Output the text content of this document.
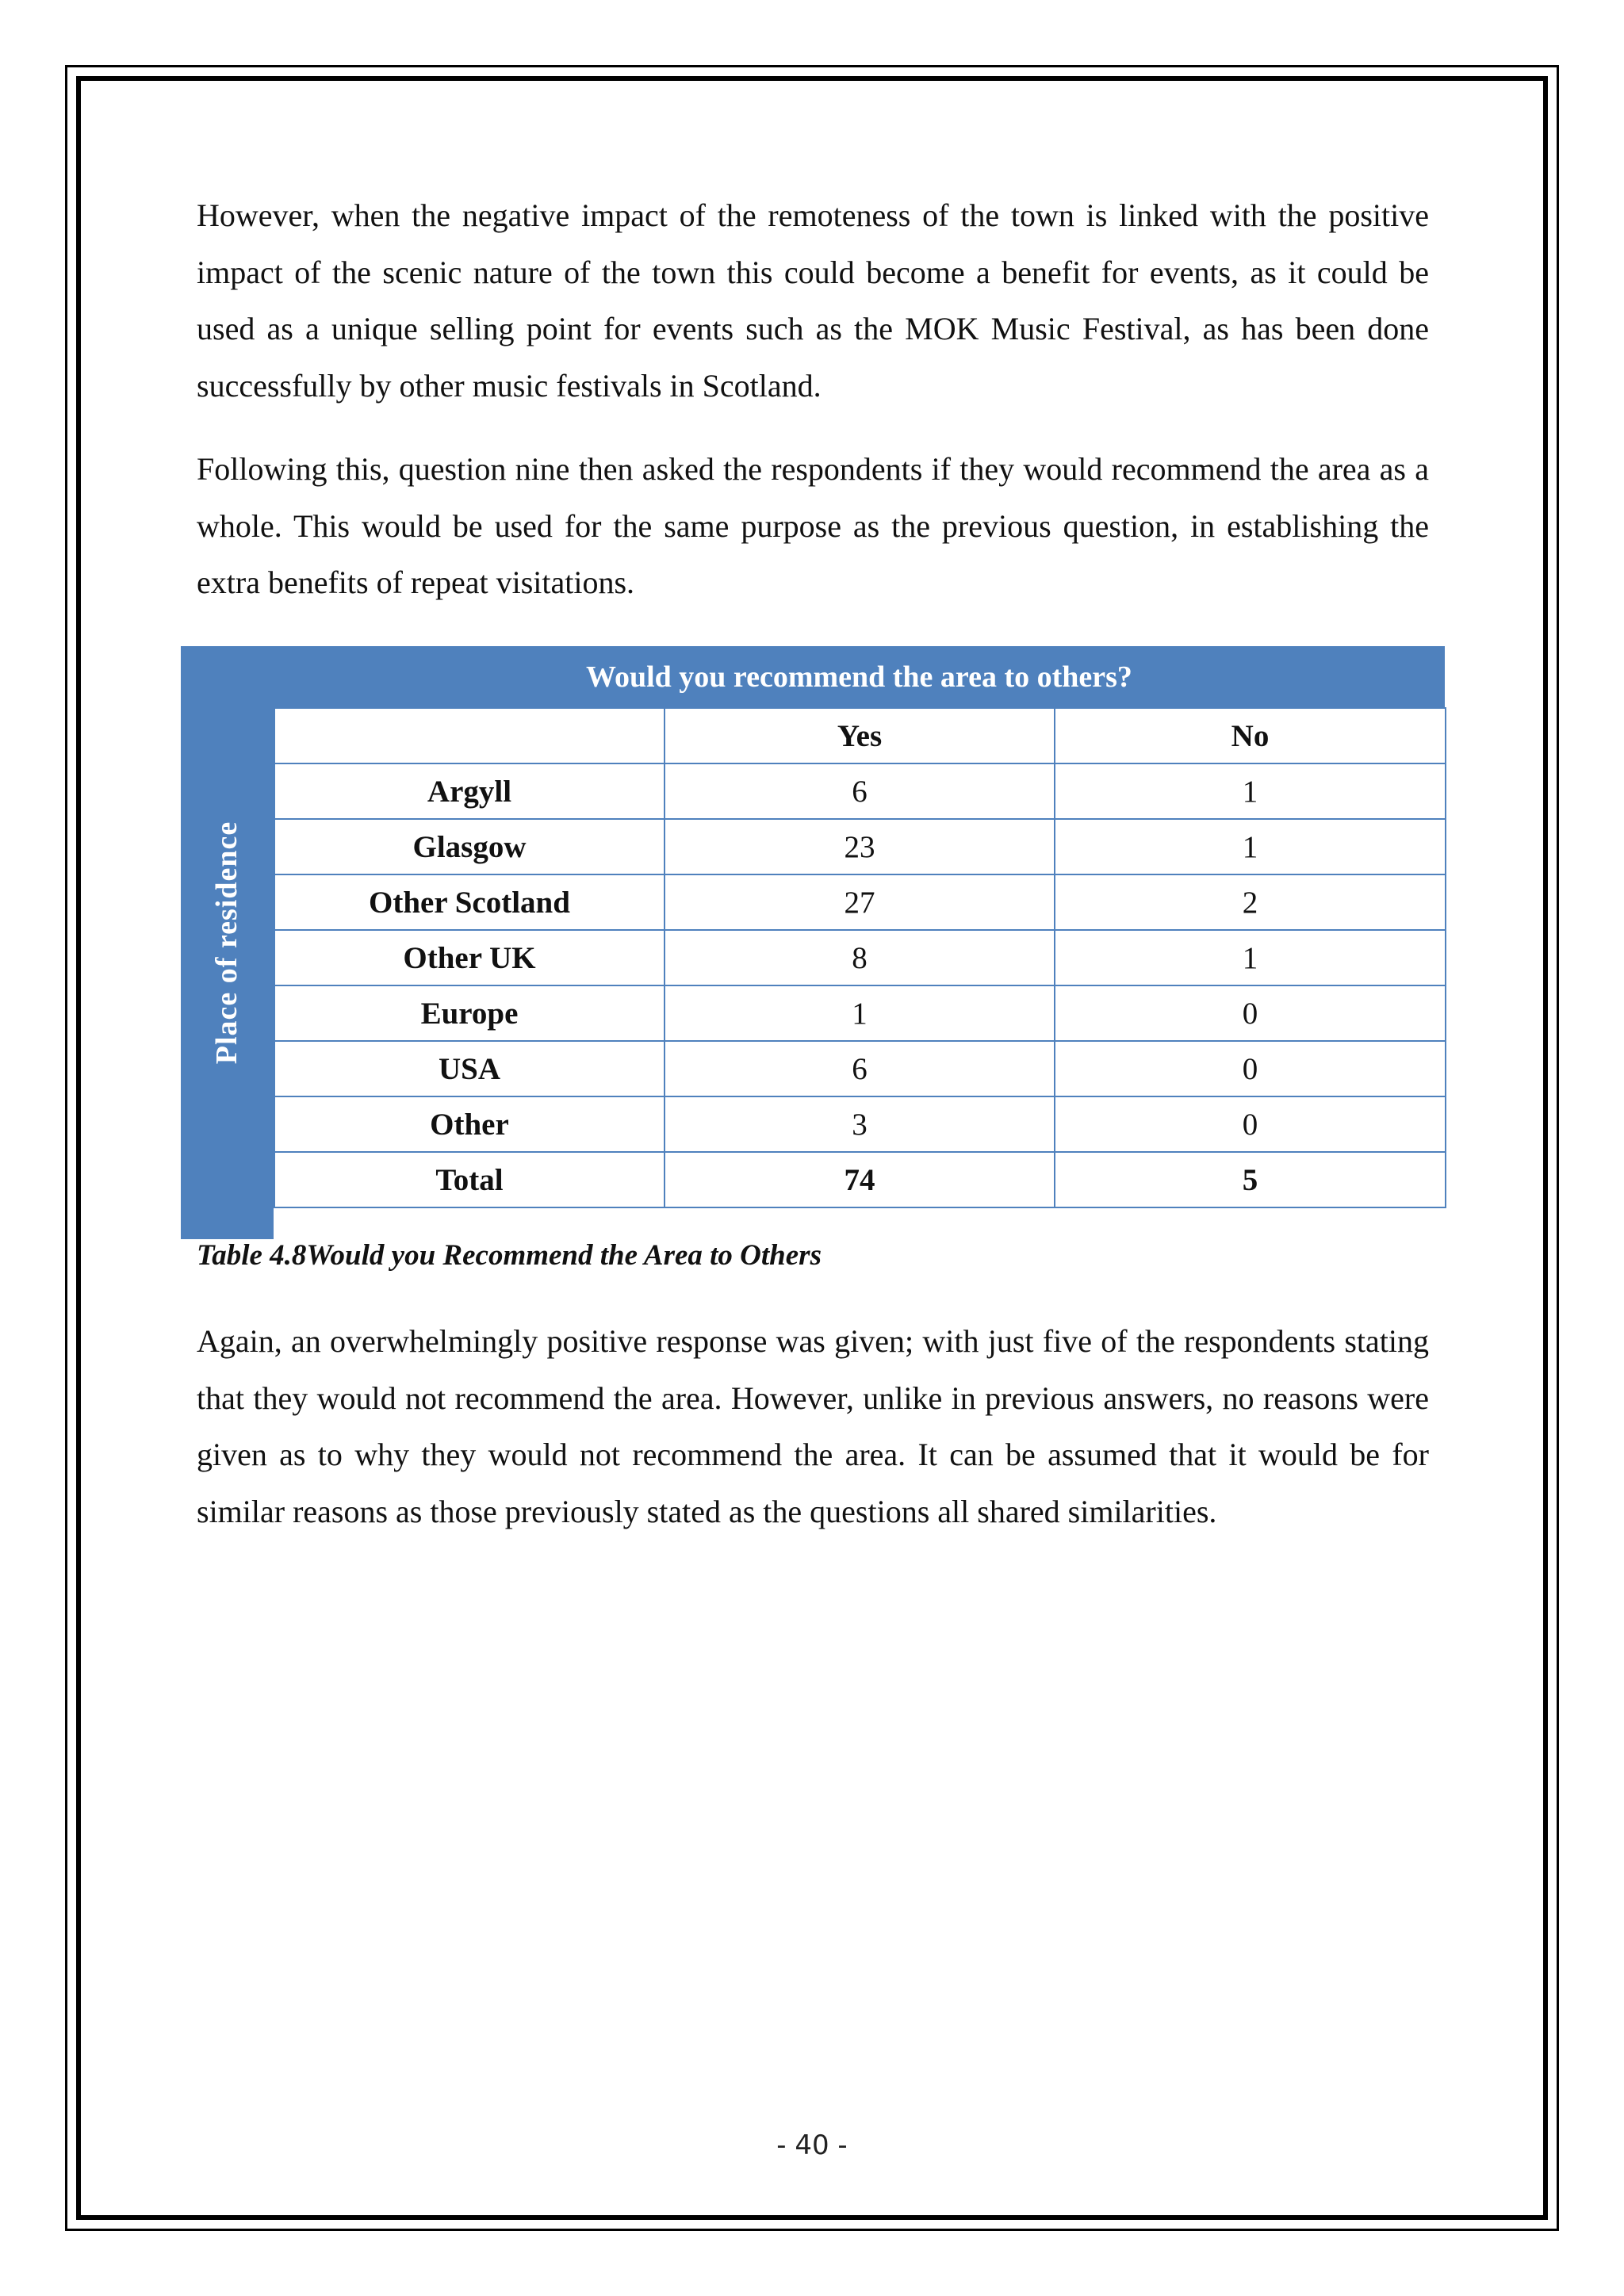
However, when the negative impact of the remoteness of the town is linked with the positive impact of the scenic nature of the town this could become a benefit for events, as it could be used as a unique selling point for events such as the MOK Music Festival, as has been done successfully by other music festivals in Scotland.

Following this, question nine then asked the respondents if they would recommend the area as a whole. This would be used for the same purpose as the previous question, in establishing the extra benefits of repeat visitations.

Place of residence
Would you recommend the area to others?
	Yes	No
Argyll	6	1
Glasgow	23	1
Other Scotland	27	2
Other UK	8	1
Europe	1	0
USA	6	0
Other	3	0
Total	74	5

Table 4.8Would you Recommend the Area to Others

Again, an overwhelmingly positive response was given; with just five of the respondents stating that they would not recommend the area. However, unlike in previous answers, no reasons were given as to why they would not recommend the area. It can be assumed that it would be for similar reasons as those previously stated as the questions all shared similarities.

- 40 -
